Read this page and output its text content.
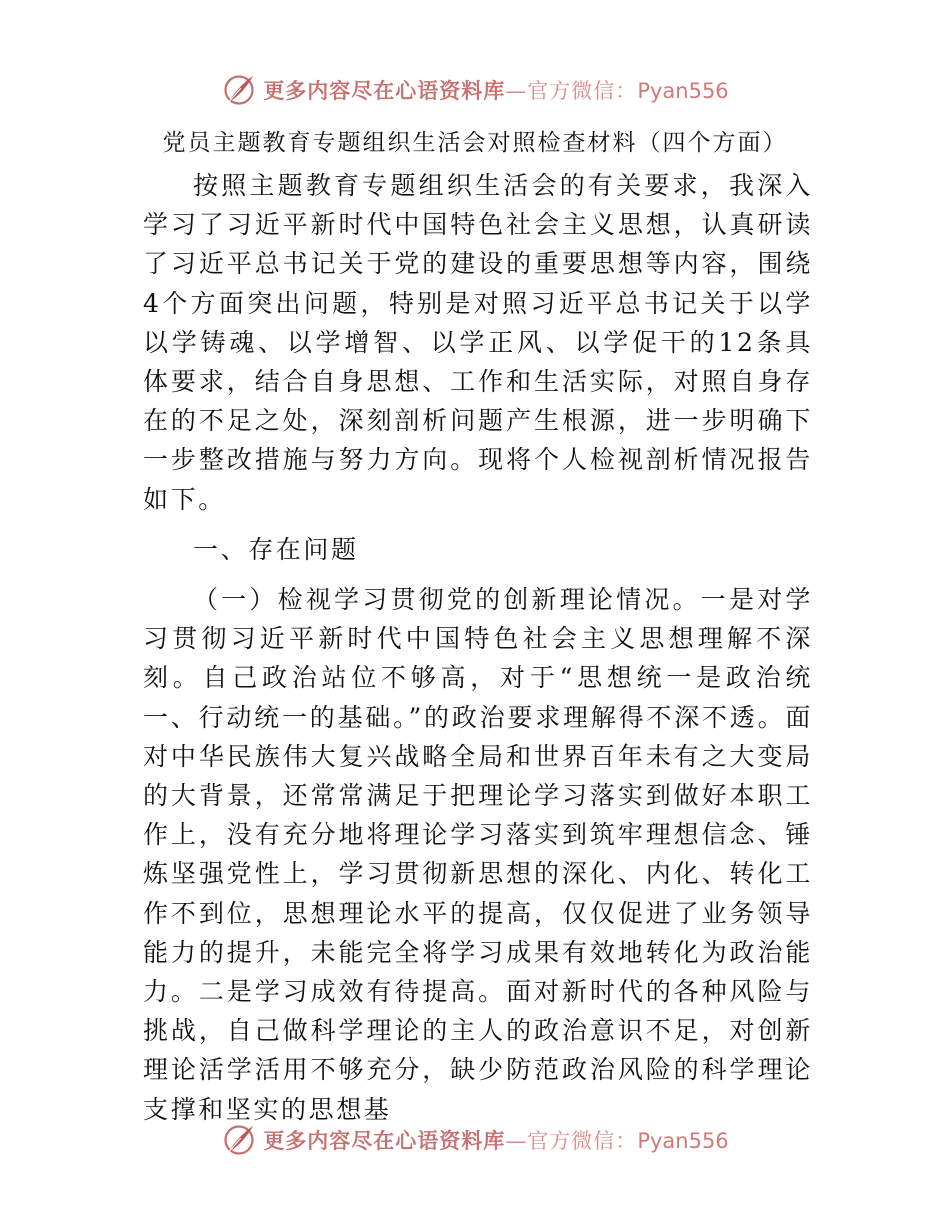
更多内容尽在心语资料库—官方微信：Pyan556
党员主题教育专题组织生活会对照检查材料（四个方面）

按照主题教育专题组织生活会的有关要求，我深入学习了习近平新时代中国特色社会主义思想，认真研读了习近平总书记关于党的建设的重要思想等内容，围绕4个方面突出问题，特别是对照习近平总书记关于以学以学铸魂、以学增智、以学正风、以学促干的12条具体要求，结合自身思想、工作和生活实际，对照自身存在的不足之处，深刻剖析问题产生根源，进一步明确下一步整改措施与努力方向。现将个人检视剖析情况报告如下。

一、存在问题

（一）检视学习贯彻党的创新理论情况。一是对学习贯彻习近平新时代中国特色社会主义思想理解不深刻。自己政治站位不够高，对于“思想统一是政治统一、行动统一的基础。”的政治要求理解得不深不透。面对中华民族伟大复兴战略全局和世界百年未有之大变局的大背景，还常常满足于把理论学习落实到做好本职工作上，没有充分地将理论学习落实到筑牢理想信念、锤炼坚强党性上，学习贯彻新思想的深化、内化、转化工作不到位，思想理论水平的提高，仅仅促进了业务领导能力的提升，未能完全将学习成果有效地转化为政治能力。二是学习成效有待提高。面对新时代的各种风险与挑战，自己做科学理论的主人的政治意识不足，对创新理论活学活用不够充分，缺少防范政治风险的科学理论支撑和坚实的思想基

更多内容尽在心语资料库—官方微信：Pyan556
